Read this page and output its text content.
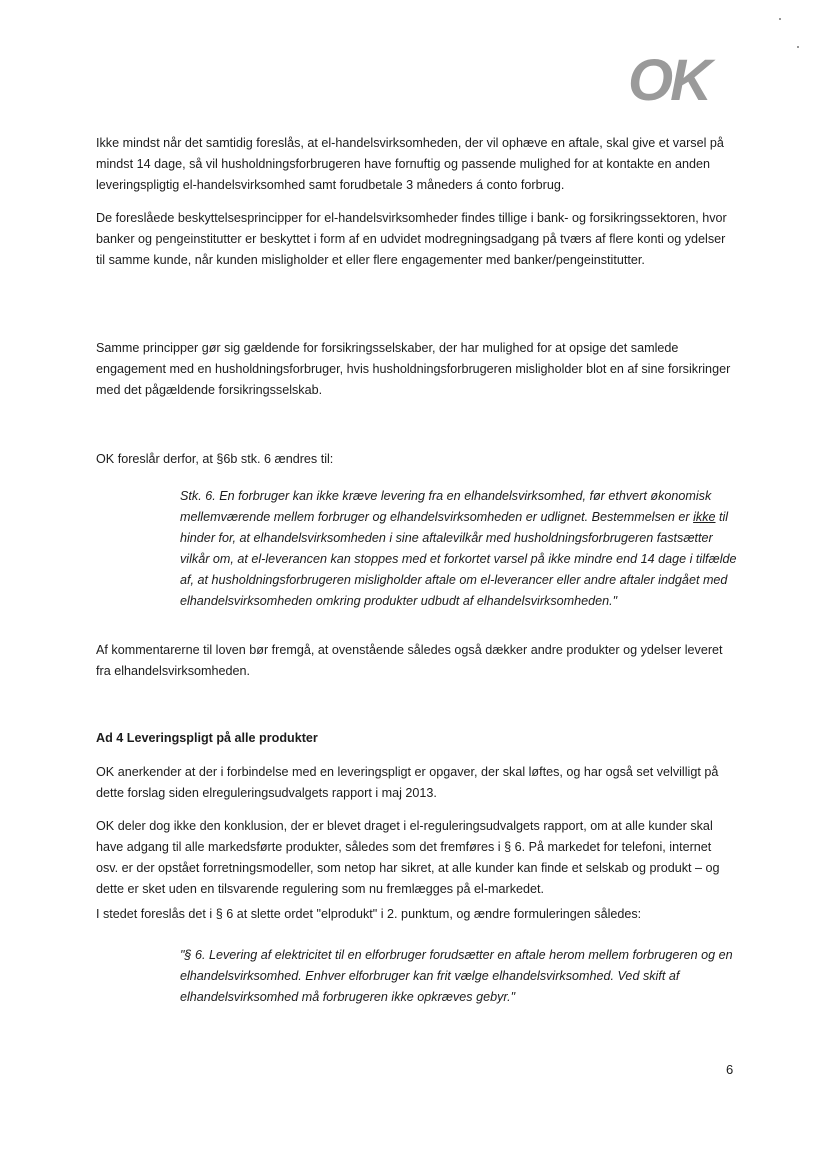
OK

Ikke mindst når det samtidig foreslås, at el-handelsvirksomheden, der vil ophæve en aftale, skal give et varsel på mindst 14 dage, så vil husholdningsforbrugeren have fornuftig og passende mulighed for at kontakte en anden leveringspligtig el-handelsvirksomhed samt forudbetale 3 måneders á conto forbrug.

De foreslåede beskyttelsesprincipper for el-handelsvirksomheder findes tillige i bank- og forsikringssektoren, hvor banker og pengeinstitutter er beskyttet i form af en udvidet modregningsadgang på tværs af flere konti og ydelser til samme kunde, når kunden misligholder et eller flere engagementer med banker/pengeinstitutter.

Samme principper gør sig gældende for forsikringsselskaber, der har mulighed for at opsige det samlede engagement med en husholdningsforbruger, hvis husholdningsforbrugeren misligholder blot en af sine forsikringer med det pågældende forsikringsselskab.

OK foreslår derfor, at §6b stk. 6 ændres til:

Stk. 6. En forbruger kan ikke kræve levering fra en elhandelsvirksomhed, før ethvert økonomisk mellemværende mellem forbruger og elhandelsvirksomheden er udlignet. Bestemmelsen er ikke til hinder for, at elhandelsvirksomheden i sine aftalevilkår med husholdningsforbrugeren fastsætter vilkår om, at el-leverancen kan stoppes med et forkortet varsel på ikke mindre end 14 dage i tilfælde af, at husholdningsforbrugeren misligholder aftale om el-leverancer eller andre aftaler indgået med elhandelsvirksomheden omkring produkter udbudt af elhandelsvirksomheden."

Af kommentarerne til loven bør fremgå, at ovenstående således også dækker andre produkter og ydelser leveret fra elhandelsvirksomheden.

Ad 4 Leveringspligt på alle produkter

OK anerkender at der i forbindelse med en leveringspligt er opgaver, der skal løftes, og har også set velvilligt på dette forslag siden elreguleringsudvalgets rapport i maj 2013.

OK deler dog ikke den konklusion, der er blevet draget i el-reguleringsudvalgets rapport, om at alle kunder skal have adgang til alle markedsførte produkter, således som det fremføres i § 6. På markedet for telefoni, internet osv. er der opstået forretningsmodeller, som netop har sikret, at alle kunder kan finde et selskab og produkt – og dette er sket uden en tilsvarende regulering som nu fremlægges på el-markedet.

I stedet foreslås det i § 6 at slette ordet "elprodukt" i 2. punktum, og ændre formuleringen således:

"§ 6. Levering af elektricitet til en elforbruger forudsætter en aftale herom mellem forbrugeren og en elhandelsvirksomhed. Enhver elforbruger kan frit vælge elhandelsvirksomhed. Ved skift af elhandelsvirksomhed må forbrugeren ikke opkræves gebyr."

6
